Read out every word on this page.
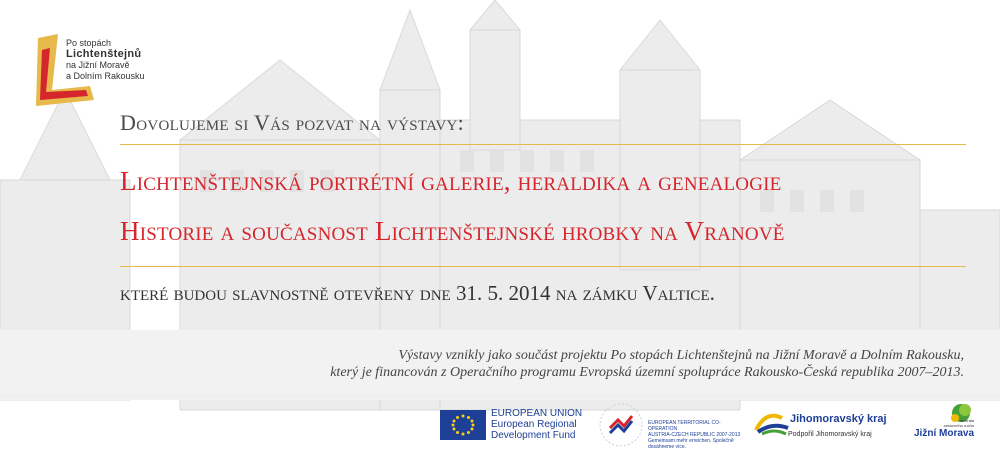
Po stopách
Lichtenštejnů
na Jižní Moravě
a Dolním Rakousku
Dovolujeme si Vás pozvat na výstavy:
Lichtenštejnská portrétní galerie, heraldika a genealogie
Historie a současnost Lichtenštejnské hrobky na Vranově
které budou slavnostně otevřeny dne 31. 5. 2014 na zámku Valtice.
Výstavy vznikly jako součást projektu Po stopách Lichtenštejnů na Jižní Moravě a Dolním Rakousku,
který je financován z Operačního programu Evropská územní spolupráce Rakousko-Česká republika 2007–2013.
EUROPEAN UNION
European Regional
Development Fund
EUROPEAN TERRITORIAL CO-OPERATION
AUSTRIA-CZECH REPUBLIC 2007-2013
Gemeinsam mehr erreichen. Společně dosáhneme více.
Jihomoravský kraj
Podpořil Jihomoravský kraj
centrála
cestovního ruchu
Jižní Morava
